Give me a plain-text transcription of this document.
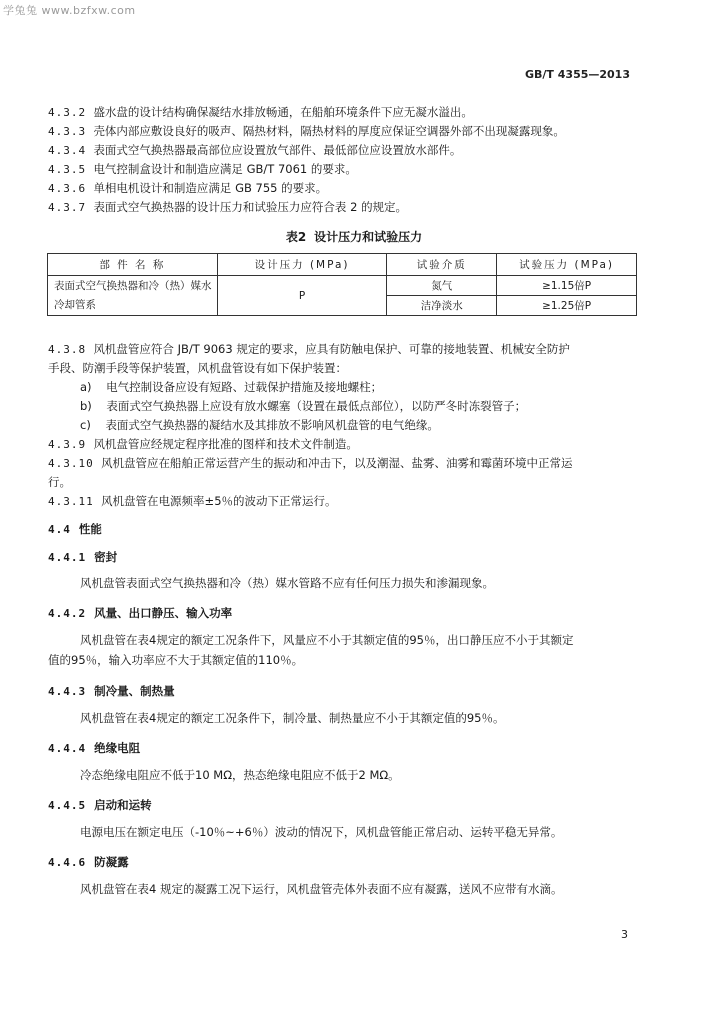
学兔兔 www.bzfxw.com
GB/T 4355—2013
4.3.2 盛水盘的设计结构确保凝结水排放畅通，在船舶环境条件下应无凝水溢出。
4.3.3 壳体内部应敷设良好的吸声、隔热材料，隔热材料的厚度应保证空调器外部不出现凝露现象。
4.3.4 表面式空气换热器最高部位应设置放气部件、最低部位应设置放水部件。
4.3.5 电气控制盒设计和制造应满足 GB/T 7061 的要求。
4.3.6 单相电机设计和制造应满足 GB 755 的要求。
4.3.7 表面式空气换热器的设计压力和试验压力应符合表 2 的规定。
表2 设计压力和试验压力
部 件 名 称	设计压力 (MPa)	试验介质	试验压力 (MPa)
表面式空气换热器和冷（热）媒水冷却管系	P	氮气	≥1.15倍P
		洁净淡水	≥1.25倍P
4.3.8 风机盘管应符合 JB/T 9063 规定的要求，应具有防触电保护、可靠的接地装置、机械安全防护
手段、防潮手段等保护装置，风机盘管设有如下保护装置：
a) 电气控制设备应设有短路、过载保护措施及接地螺柱；
b) 表面式空气换热器上应设有放水螺塞（设置在最低点部位），以防严冬时冻裂管子；
c) 表面式空气换热器的凝结水及其排放不影响风机盘管的电气绝缘。
4.3.9 风机盘管应经规定程序批准的图样和技术文件制造。
4.3.10 风机盘管应在船舶正常运营产生的振动和冲击下，以及潮湿、盐雾、油雾和霉菌环境中正常运
行。
4.3.11 风机盘管在电源频率±5％的波动下正常运行。
4.4 性能
4.4.1 密封
风机盘管表面式空气换热器和冷（热）媒水管路不应有任何压力损失和渗漏现象。
4.4.2 风量、出口静压、输入功率
风机盘管在表4规定的额定工况条件下，风量应不小于其额定值的95％，出口静压应不小于其额定
值的95％，输入功率应不大于其额定值的110％。
4.4.3 制冷量、制热量
风机盘管在表4规定的额定工况条件下，制冷量、制热量应不小于其额定值的95％。
4.4.4 绝缘电阻
冷态绝缘电阻应不低于10 MΩ，热态绝缘电阻应不低于2 MΩ。
4.4.5 启动和运转
电源电压在额定电压（-10％~+6％）波动的情况下，风机盘管能正常启动、运转平稳无异常。
4.4.6 防凝露
风机盘管在表4 规定的凝露工况下运行，风机盘管壳体外表面不应有凝露，送风不应带有水滴。
3
